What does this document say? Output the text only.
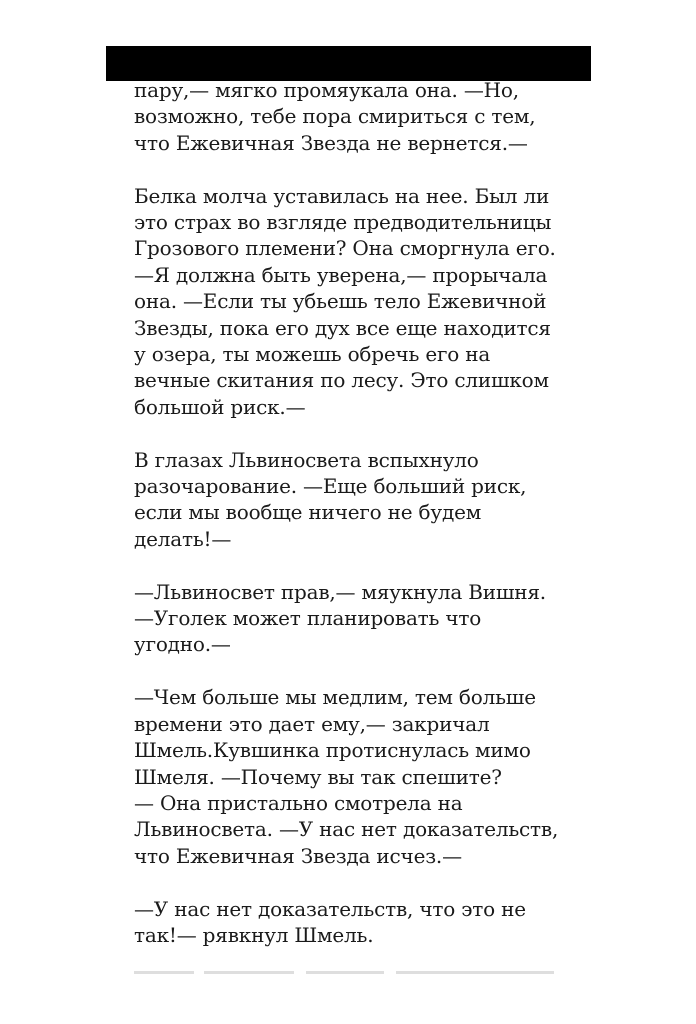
пару,— мягко промяукала она. —Но,
возможно, тебе пора смириться с тем,
что Ежевичная Звезда не вернется.—

Белка молча уставилась на нее. Был ли
это страх во взгляде предводительницы
Грозового племени? Она сморгнула его.
—Я должна быть уверена,— прорычала
она. —Если ты убьешь тело Ежевичной
Звезды, пока его дух все еще находится
у озера, ты можешь обречь его на
вечные скитания по лесу. Это слишком
большой риск.—

В глазах Львиносвета вспыхнуло
разочарование. —Еще больший риск,
если мы вообще ничего не будем
делать!—

—Львиносвет прав,— мяукнула Вишня.
—Уголек может планировать что
угодно.—

—Чем больше мы медлим, тем больше
времени это дает ему,— закричал
Шмель.Кувшинка протиснулась мимо
Шмеля. —Почему вы так спешите?
— Она пристально смотрела на
Львиносвета. —У нас нет доказательств,
что Ежевичная Звезда исчез.—

—У нас нет доказательств, что это не
так!— рявкнул Шмель.
